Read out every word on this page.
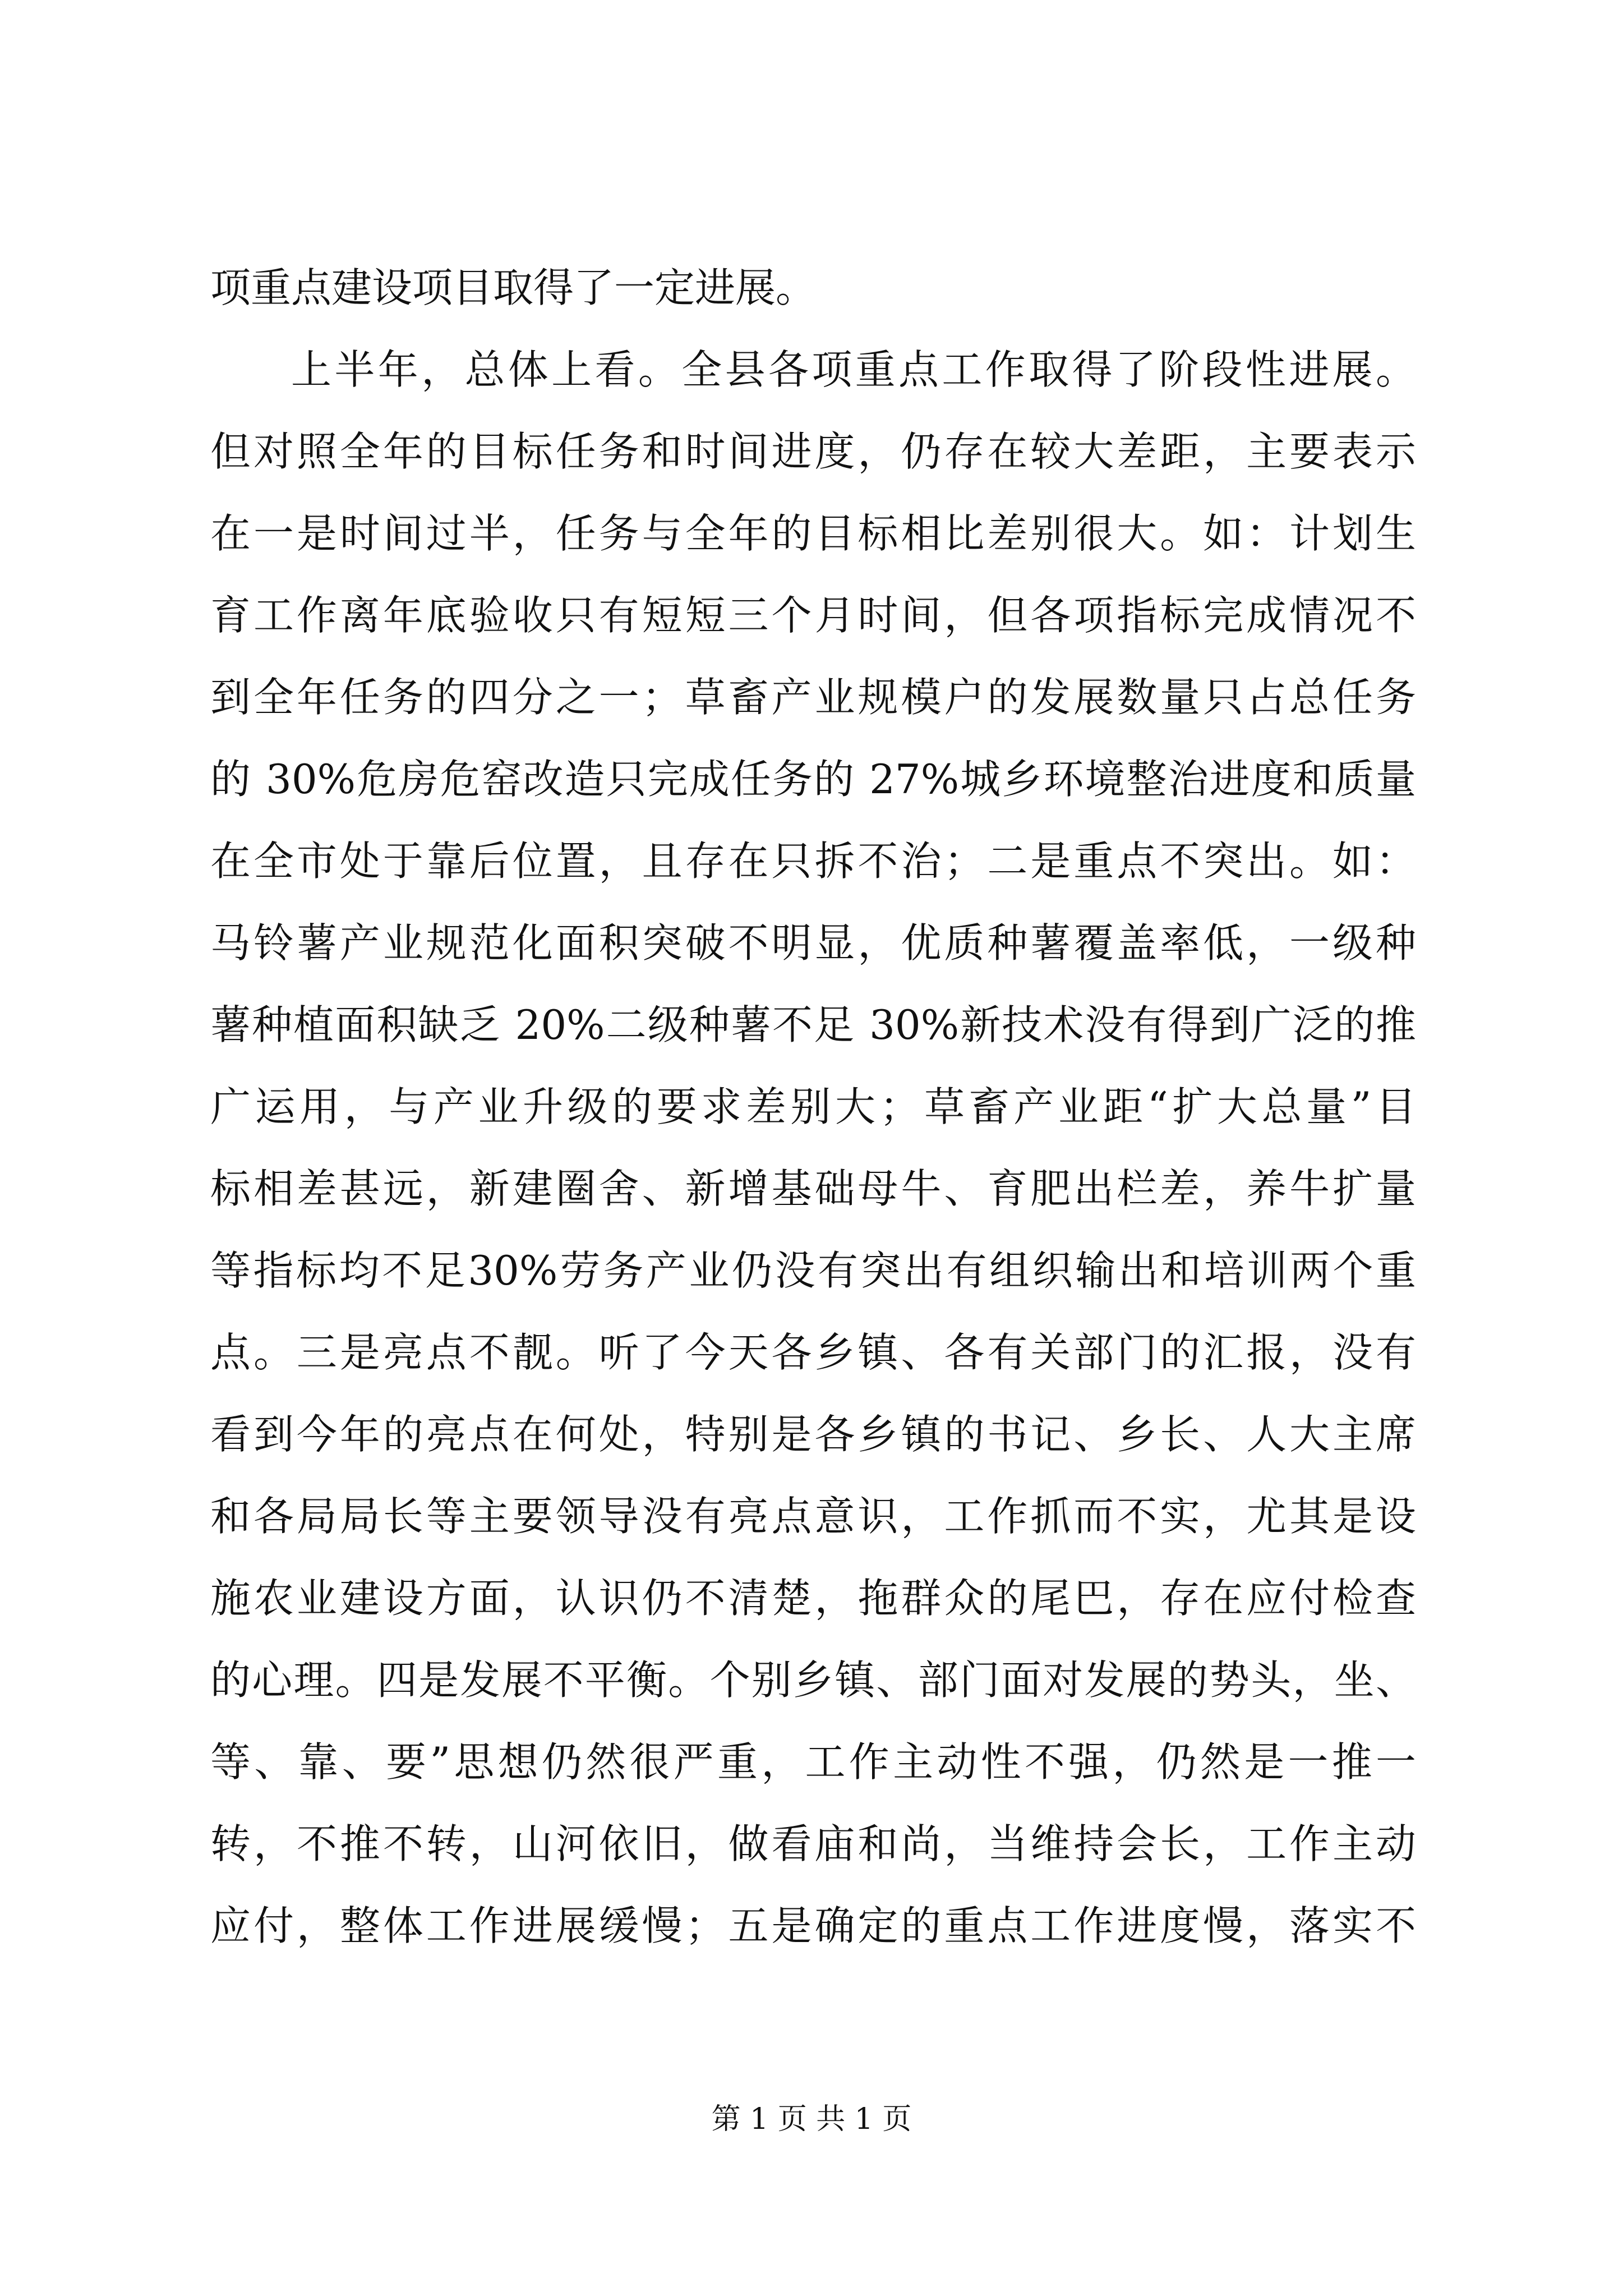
项重点建设项目取得了一定进展。
上半年，总体上看。全县各项重点工作取得了阶段性进展。
但对照全年的目标任务和时间进度，仍存在较大差距，主要表示
在一是时间过半，任务与全年的目标相比差别很大。如：计划生
育工作离年底验收只有短短三个月时间，但各项指标完成情况不
到全年任务的四分之一；草畜产业规模户的发展数量只占总任务
的 30%危房危窑改造只完成任务的 27%城乡环境整治进度和质量
在全市处于靠后位置，且存在只拆不治；二是重点不突出。如：
马铃薯产业规范化面积突破不明显，优质种薯覆盖率低，一级种
薯种植面积缺乏 20%二级种薯不足 30%新技术没有得到广泛的推
广运用，与产业升级的要求差别大；草畜产业距“扩大总量”目
标相差甚远，新建圈舍、新增基础母牛、育肥出栏差，养牛扩量
等指标均不足30%劳务产业仍没有突出有组织输出和培训两个重
点。三是亮点不靓。听了今天各乡镇、各有关部门的汇报，没有
看到今年的亮点在何处，特别是各乡镇的书记、乡长、人大主席
和各局局长等主要领导没有亮点意识，工作抓而不实，尤其是设
施农业建设方面，认识仍不清楚，拖群众的尾巴，存在应付检查
的心理。四是发展不平衡。个别乡镇、部门面对发展的势头，坐、
等、靠、要”思想仍然很严重，工作主动性不强，仍然是一推一
转，不推不转，山河依旧，做看庙和尚，当维持会长，工作主动
应付，整体工作进展缓慢；五是确定的重点工作进度慢，落实不
第 1 页 共 1 页
